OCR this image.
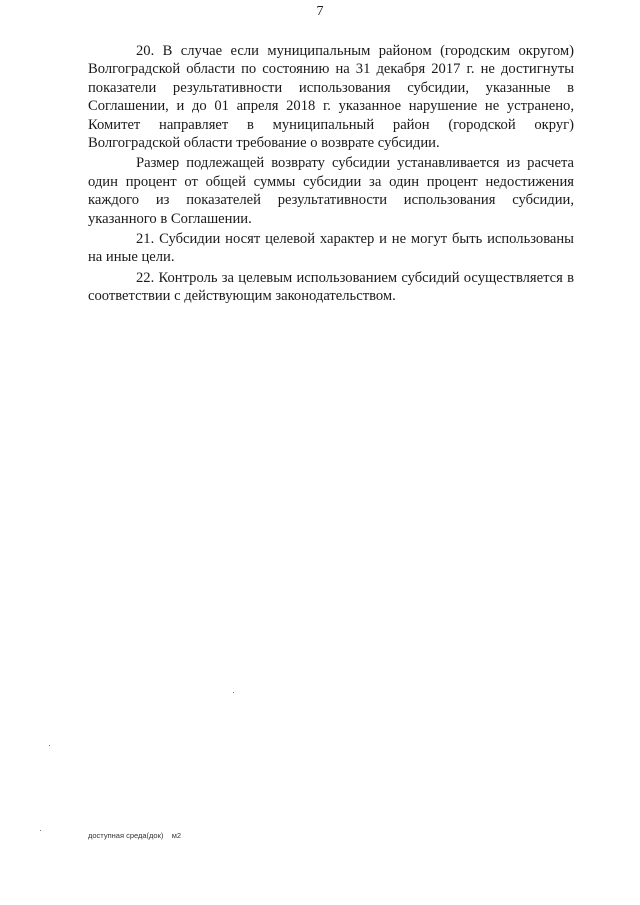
7

20. В случае если муниципальным районом (городским округом) Волгоградской области по состоянию на 31 декабря 2017 г. не достигнуты показатели результативности использования субсидии, указанные в Соглашении, и до 01 апреля 2018 г. указанное нарушение не устранено, Комитет направляет в муниципальный район (городской округ) Волгоградской области требование о возврате субсидии.

Размер подлежащей возврату субсидии устанавливается из расчета один процент от общей суммы субсидии за один процент недостижения каждого из показателей результативности использования субсидии, указанного в Соглашении.

21. Субсидии носят целевой характер и не могут быть использованы на иные цели.

22. Контроль за целевым использованием субсидий осуществляется в соответствии с действующим законодательством.

доступная среда(док)    м2
